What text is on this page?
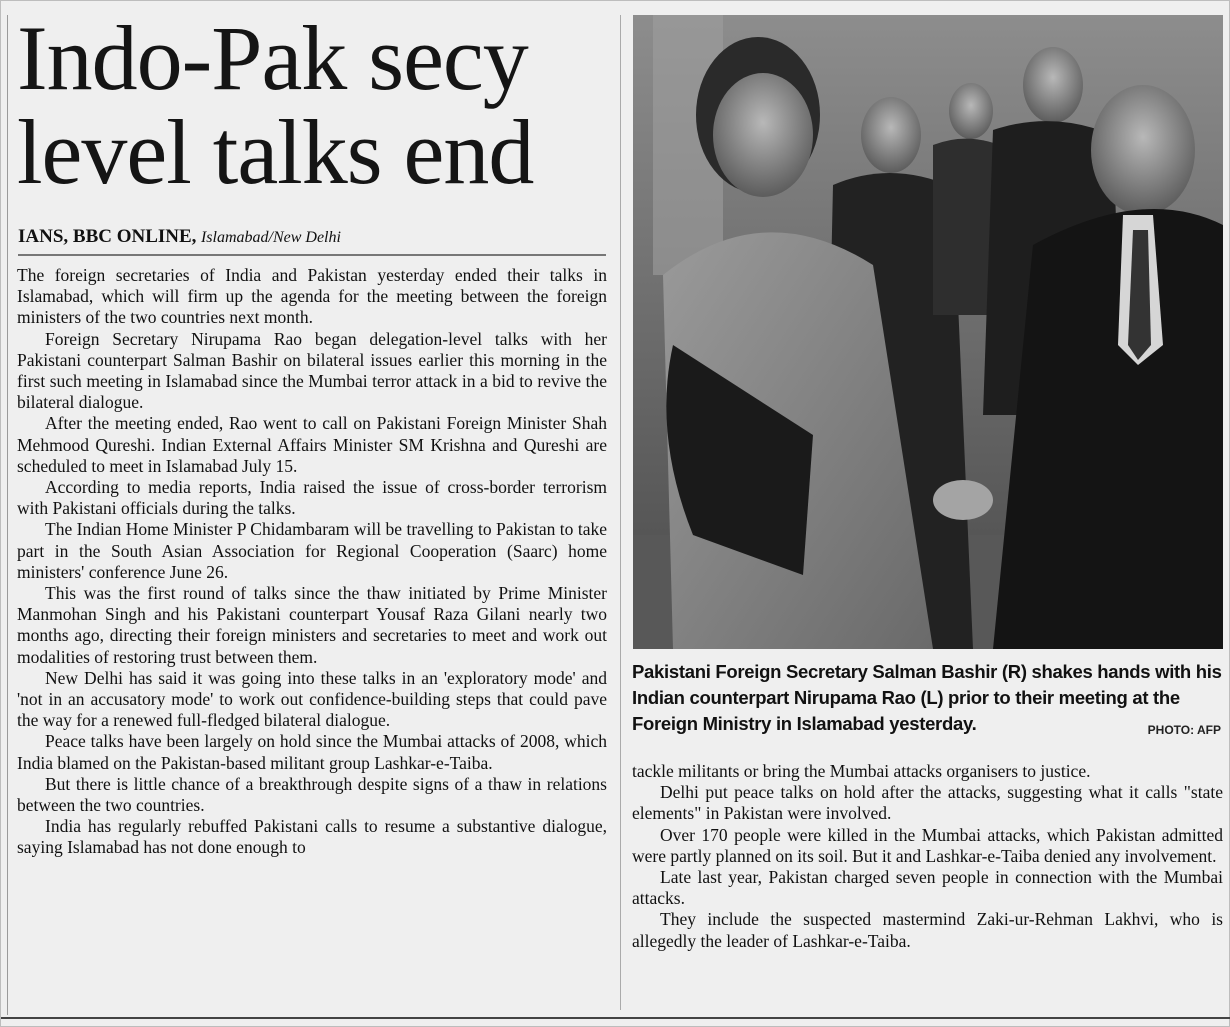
Indo-Pak secy level talks end
IANS, BBC ONLINE, Islamabad/New Delhi

The foreign secretaries of India and Pakistan yesterday ended their talks in Islamabad, which will firm up the agenda for the meeting between the foreign ministers of the two countries next month.

Foreign Secretary Nirupama Rao began delegation-level talks with her Pakistani counterpart Salman Bashir on bilateral issues earlier this morning in the first such meeting in Islamabad since the Mumbai terror attack in a bid to revive the bilateral dialogue.

After the meeting ended, Rao went to call on Pakistani Foreign Minister Shah Mehmood Qureshi. Indian External Affairs Minister SM Krishna and Qureshi are scheduled to meet in Islamabad July 15.

According to media reports, India raised the issue of cross-border terrorism with Pakistani officials during the talks.

The Indian Home Minister P Chidambaram will be travelling to Pakistan to take part in the South Asian Association for Regional Cooperation (Saarc) home ministers' conference June 26.

This was the first round of talks since the thaw initiated by Prime Minister Manmohan Singh and his Pakistani counterpart Yousaf Raza Gilani nearly two months ago, directing their foreign ministers and secretaries to meet and work out modalities of restoring trust between them.

New Delhi has said it was going into these talks in an 'exploratory mode' and 'not in an accusatory mode' to work out confidence-building steps that could pave the way for a renewed full-fledged bilateral dialogue.

Peace talks have been largely on hold since the Mumbai attacks of 2008, which India blamed on the Pakistan-based militant group Lashkar-e-Taiba.

But there is little chance of a breakthrough despite signs of a thaw in relations between the two countries.

India has regularly rebuffed Pakistani calls to resume a substantive dialogue, saying Islamabad has not done enough to

Pakistani Foreign Secretary Salman Bashir (R) shakes hands with his Indian counterpart Nirupama Rao (L) prior to their meeting at the Foreign Ministry in Islamabad yesterday.	PHOTO: AFP

tackle militants or bring the Mumbai attacks organisers to justice.

Delhi put peace talks on hold after the attacks, suggesting what it calls "state elements" in Pakistan were involved.

Over 170 people were killed in the Mumbai attacks, which Pakistan admitted were partly planned on its soil. But it and Lashkar-e-Taiba denied any involvement.

Late last year, Pakistan charged seven people in connection with the Mumbai attacks.

They include the suspected mastermind Zaki-ur-Rehman Lakhvi, who is allegedly the leader of Lashkar-e-Taiba.
